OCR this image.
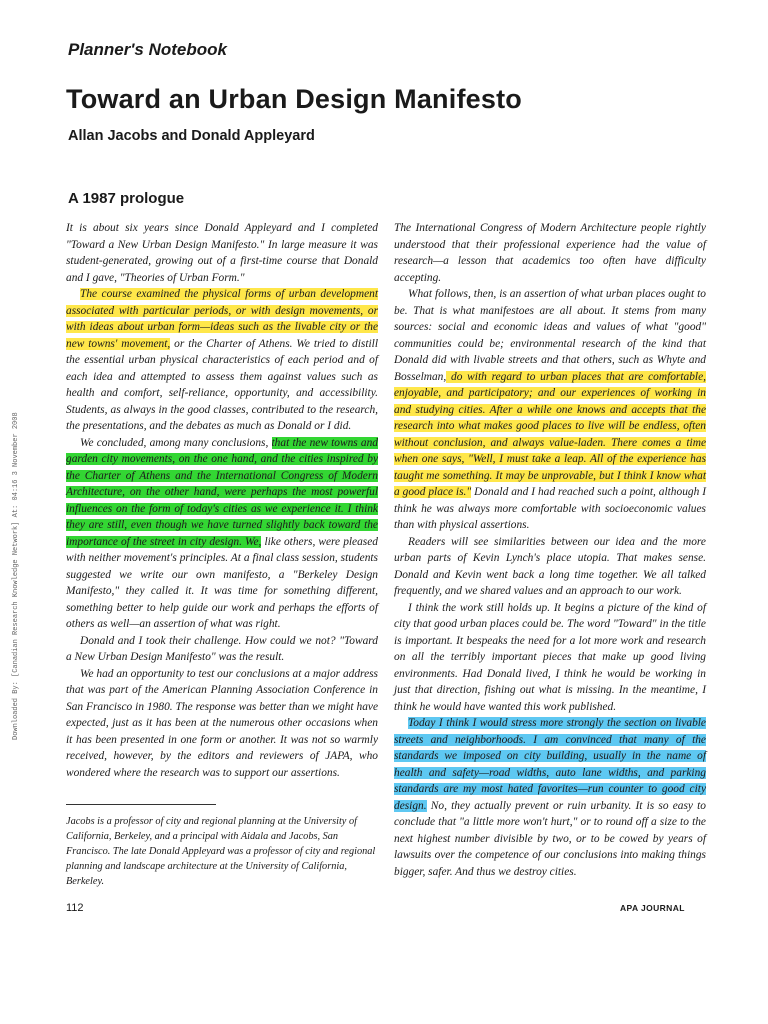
Planner's Notebook
Toward an Urban Design Manifesto
Allan Jacobs and Donald Appleyard
Downloaded By: [Canadian Research Knowledge Network] At: 04:16 3 November 2008
A 1987 prologue

It is about six years since Donald Appleyard and I completed "Toward a New Urban Design Manifesto." In large measure it was student-generated, growing out of a first-time course that Donald and I gave, "Theories of Urban Form."

The course examined the physical forms of urban development associated with particular periods, or with design movements, or with ideas about urban form—ideas such as the livable city or the new towns' movement, or the Charter of Athens. We tried to distill the essential urban physical characteristics of each period and of each idea and attempted to assess them against values such as health and comfort, self-reliance, opportunity, and accessibility. Students, as always in the good classes, contributed to the research, the presentations, and the debates as much as Donald or I did.

We concluded, among many conclusions, that the new towns and garden city movements, on the one hand, and the cities inspired by the Charter of Athens and the International Congress of Modern Architecture, on the other hand, were perhaps the most powerful influences on the form of today's cities as we experience it. I think they are still, even though we have turned slightly back toward the importance of the street in city design. We, like others, were pleased with neither movement's principles. At a final class session, students suggested we write our own manifesto, a "Berkeley Design Manifesto," they called it. It was time for something different, something better to help guide our work and perhaps the efforts of others as well—an assertion of what was right.

Donald and I took their challenge. How could we not? "Toward a New Urban Design Manifesto" was the result.

We had an opportunity to test our conclusions at a major address that was part of the American Planning Association Conference in San Francisco in 1980. The response was better than we might have expected, just as it has been at the numerous other occasions when it has been presented in one form or another. It was not so warmly received, however, by the editors and reviewers of JAPA, who wondered where the research was to support our assertions.

The International Congress of Modern Architecture people rightly understood that their professional experience had the value of research—a lesson that academics too often have difficulty accepting.

What follows, then, is an assertion of what urban places ought to be. That is what manifestoes are all about. It stems from many sources: social and economic ideas and values of what "good" communities could be; environmental research of the kind that Donald did with livable streets and that others, such as Whyte and Bosselman, do with regard to urban places that are comfortable, enjoyable, and participatory; and our experiences of working in and studying cities. After a while one knows and accepts that the research into what makes good places to live will be endless, often without conclusion, and always value-laden. There comes a time when one says, "Well, I must take a leap. All of the experience has taught me something. It may be unprovable, but I think I know what a good place is." Donald and I had reached such a point, although I think he was always more comfortable with socioeconomic values than with physical assertions.

Readers will see similarities between our idea and the more urban parts of Kevin Lynch's place utopia. That makes sense. Donald and Kevin went back a long time together. We all talked frequently, and we shared values and an approach to our work.

I think the work still holds up. It begins a picture of the kind of city that good urban places could be. The word "Toward" in the title is important. It bespeaks the need for a lot more work and research on all the terribly important pieces that make up good living environments. Had Donald lived, I think he would be working in just that direction, fishing out what is missing. In the meantime, I think he would have wanted this work published.

Today I think I would stress more strongly the section on livable streets and neighborhoods. I am convinced that many of the standards we imposed on city building, usually in the name of health and safety—road widths, auto lane widths, and parking standards are my most hated favorites—run counter to good city design. No, they actually prevent or ruin urbanity. It is so easy to conclude that "a little more won't hurt," or to round off a size to the next highest number divisible by two, or to be cowed by years of lawsuits over the competence of our conclusions into making things bigger, safer. And thus we destroy cities.

Jacobs is a professor of city and regional planning at the University of California, Berkeley, and a principal with Aidala and Jacobs, San Francisco. The late Donald Appleyard was a professor of city and regional planning and landscape architecture at the University of California, Berkeley.
112	APA JOURNAL
